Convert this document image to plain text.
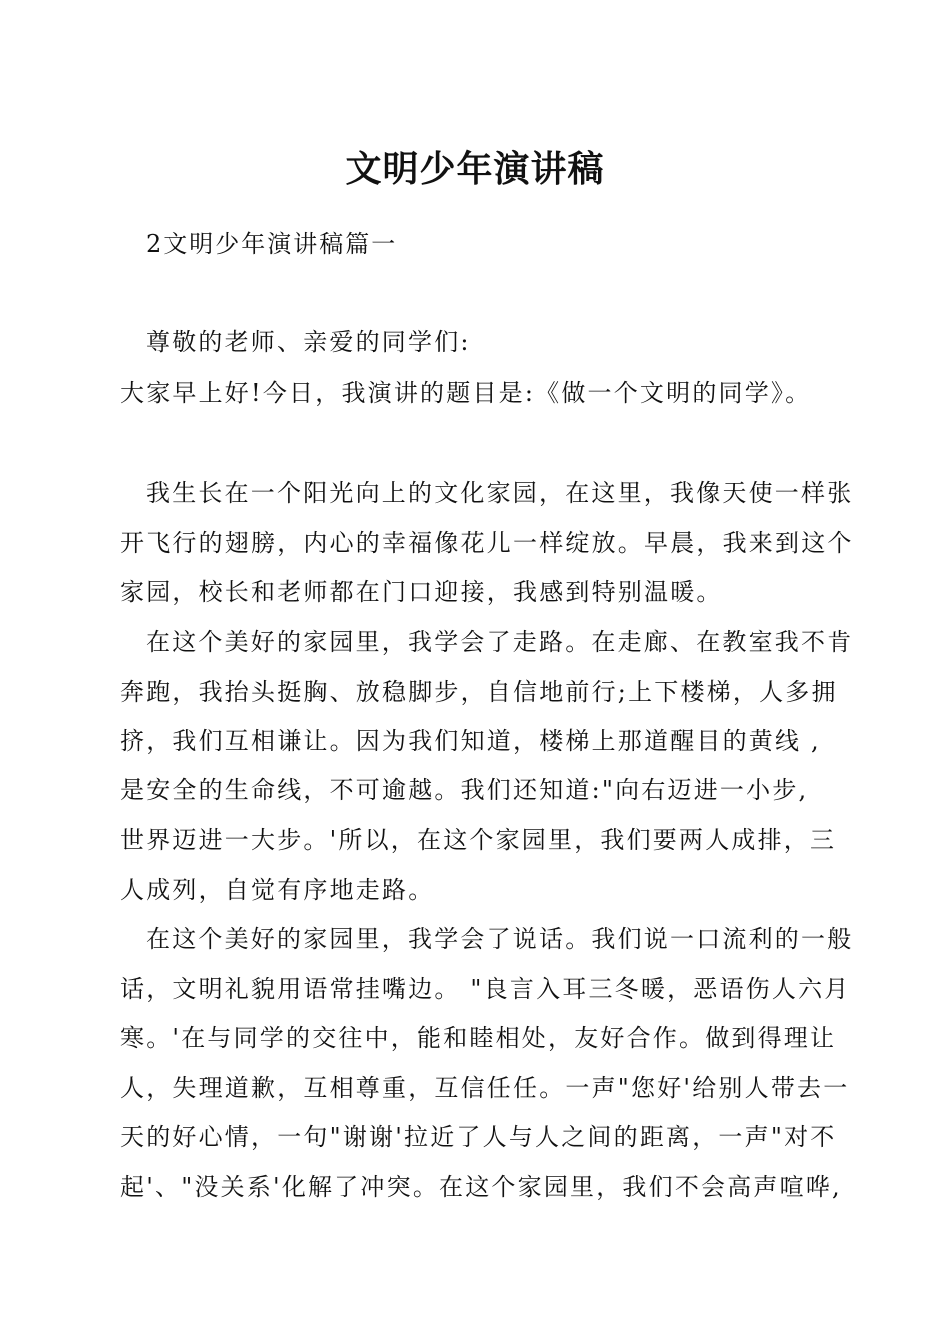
文明少年演讲稿
2文明少年演讲稿篇一
尊敬的老师、亲爱的同学们:
大家早上好!今日，我演讲的题目是:《做一个文明的同学》。
我生长在一个阳光向上的文化家园，在这里，我像天使一样张
开飞行的翅膀，内心的幸福像花儿一样绽放。早晨，我来到这个
家园，校长和老师都在门口迎接，我感到特别温暖。
在这个美好的家园里，我学会了走路。在走廊、在教室我不肯
奔跑，我抬头挺胸、放稳脚步，自信地前行;上下楼梯，人多拥
挤，我们互相谦让。因为我们知道，楼梯上那道醒目的黄线 ,
是安全的生命线，不可逾越。我们还知道:"向右迈进一小步,
世界迈进一大步。'所以，在这个家园里，我们要两人成排，三
人成列，自觉有序地走路。
在这个美好的家园里，我学会了说话。我们说一口流利的一般
话，文明礼貌用语常挂嘴边。 "良言入耳三冬暖，恶语伤人六月
寒。'在与同学的交往中，能和睦相处，友好合作。做到得理让
人，失理道歉，互相尊重，互信任任。一声"您好'给别人带去一
天的好心情，一句"谢谢'拉近了人与人之间的距离，一声"对不
起'、"没关系'化解了冲突。在这个家园里，我们不会高声喧哗,
